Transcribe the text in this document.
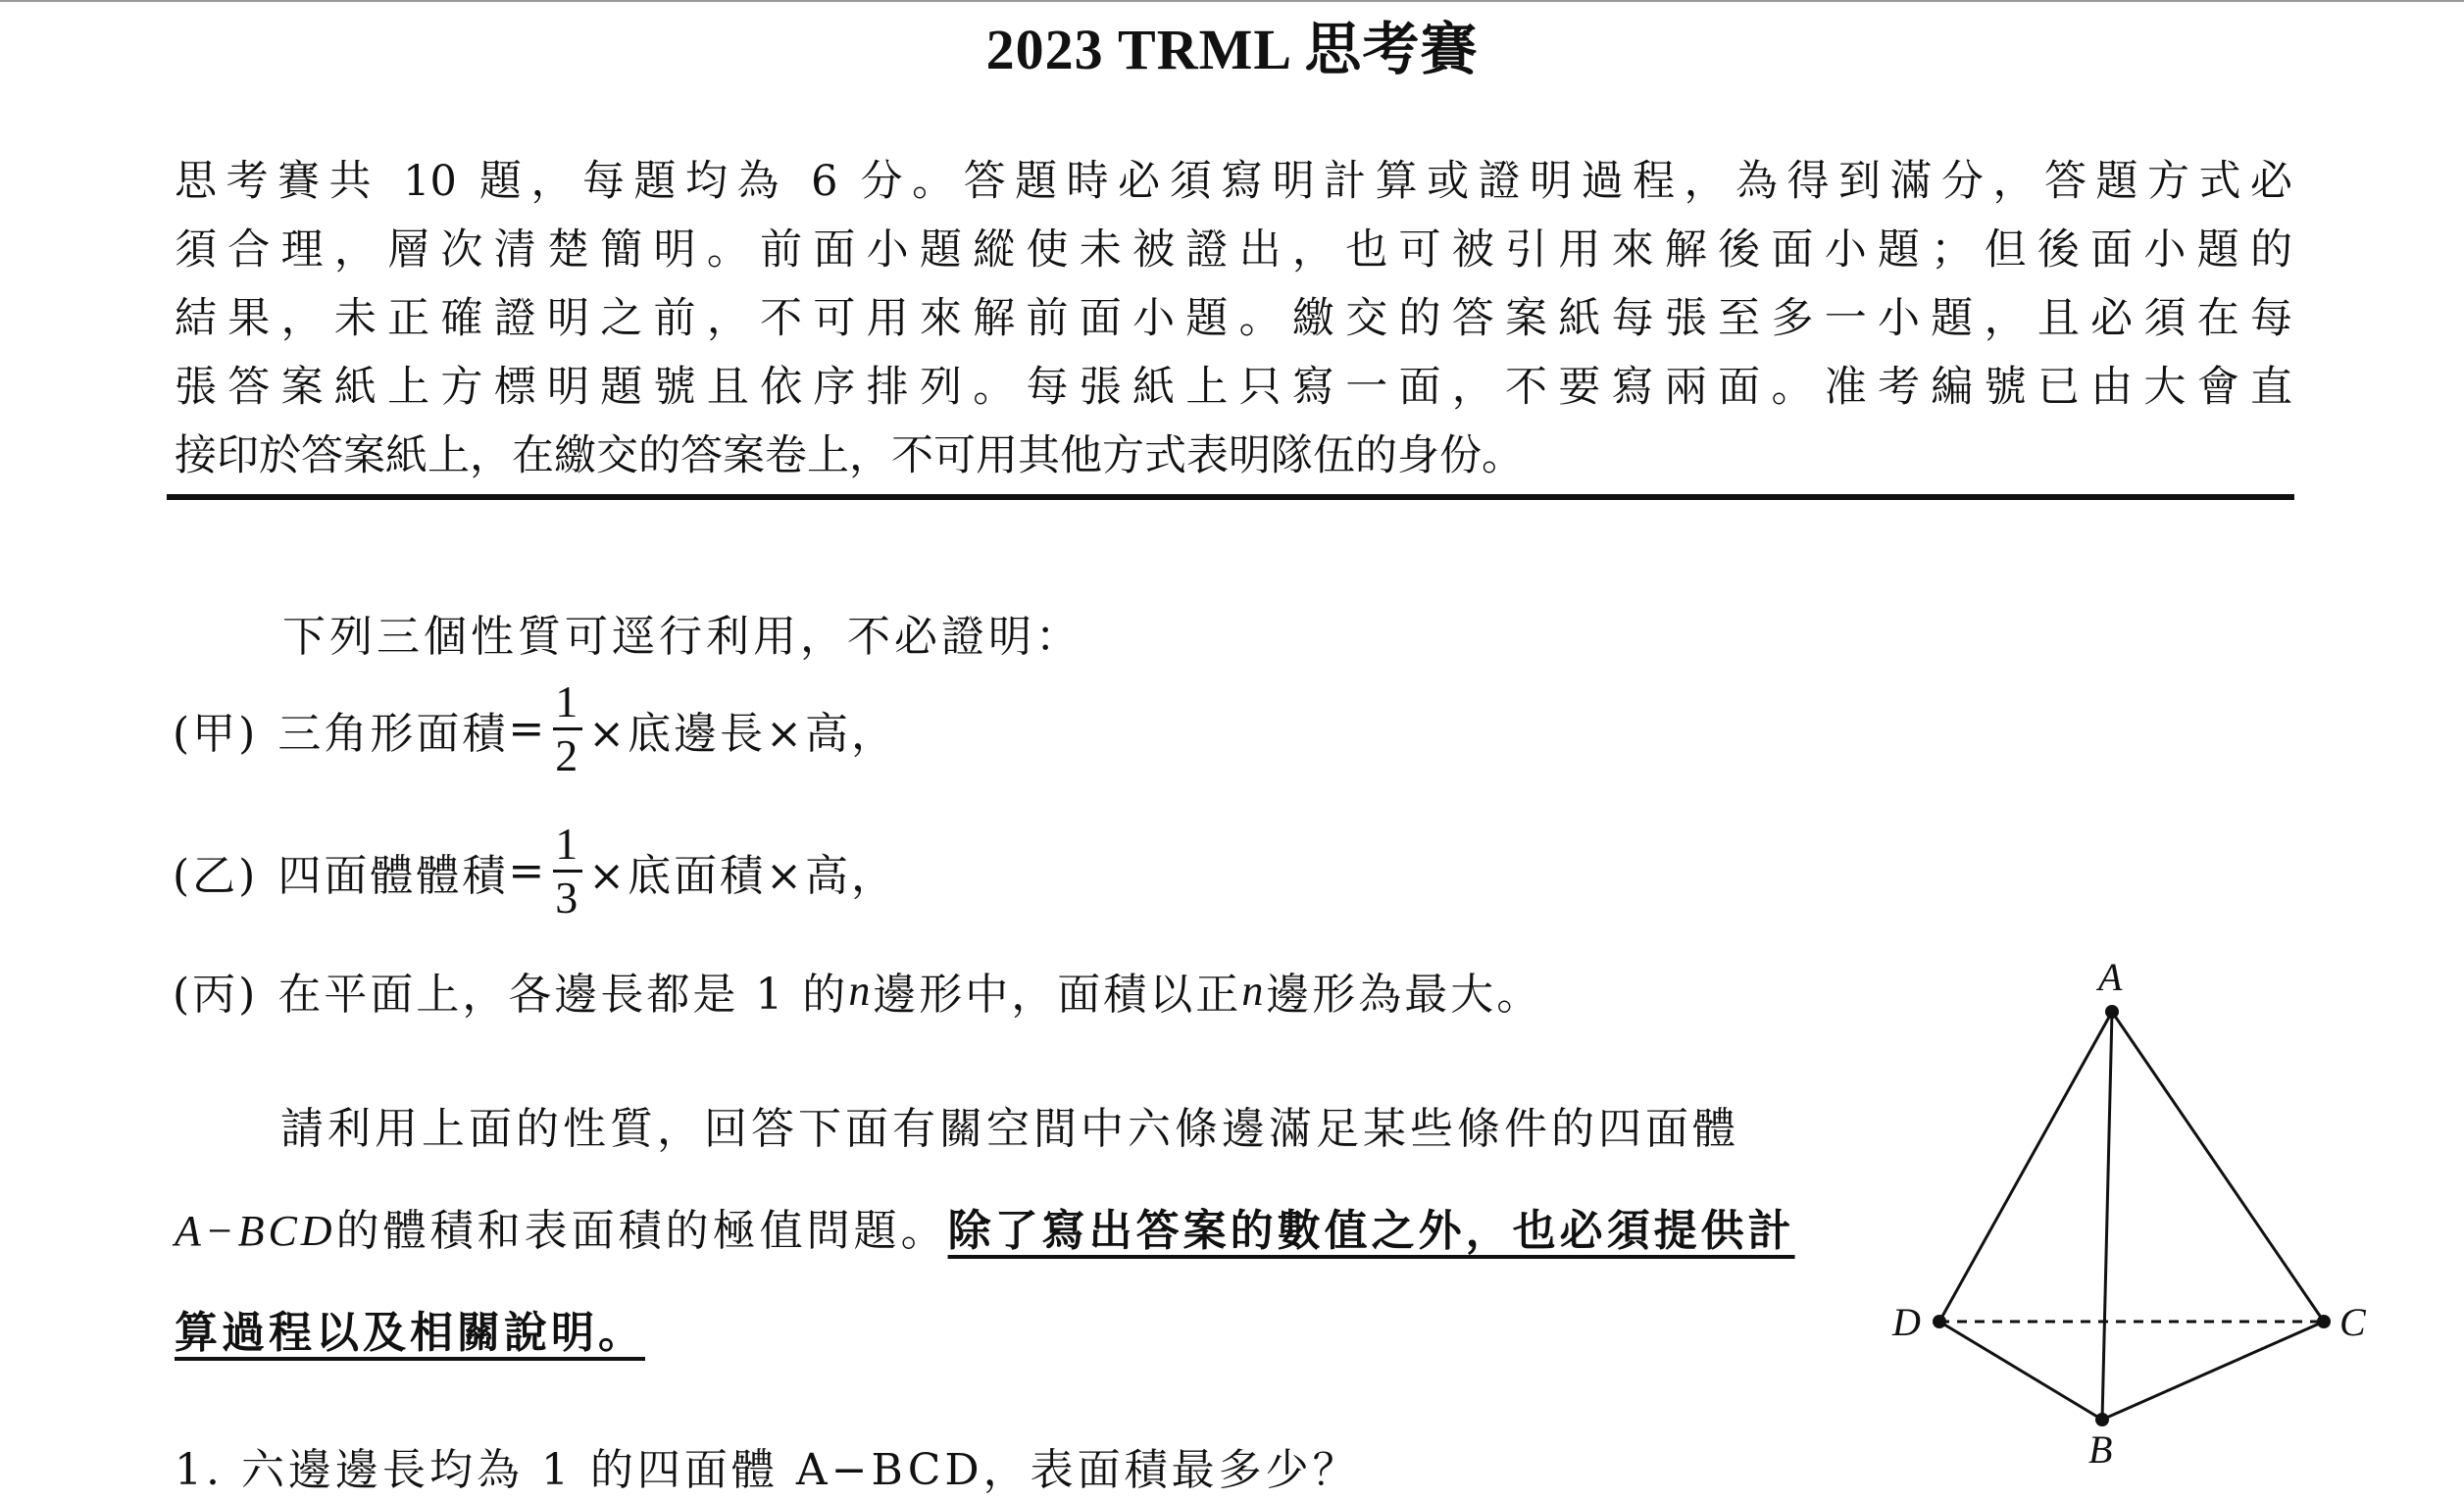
2023 TRML 思考賽
思考賽共 10 題，每題均為 6 分。答題時必須寫明計算或證明過程，為得到滿分，答題方式必
須合理，層次清楚簡明。前面小題縱使未被證出，也可被引用來解後面小題；但後面小題的
結果，未正確證明之前，不可用來解前面小題。繳交的答案紙每張至多一小題，且必須在每
張答案紙上方標明題號且依序排列。每張紙上只寫一面，不要寫兩面。准考編號已由大會直
接印於答案紙上，在繳交的答案卷上，不可用其他方式表明隊伍的身份。
下列三個性質可逕行利用，不必證明：
(甲) 三角形面積 = $\frac{1}{2}$ ×底邊長×高，
(乙) 四面體體積 = $\frac{1}{3}$ ×底面積×高，
(丙) 在平面上，各邊長都是 1 的 n 邊形中，面積以正 n 邊形為最大。
請利用上面的性質，回答下面有關空間中六條邊滿足某些條件的四面體 A−BCD的體積和表面積的極值問題。除了寫出答案的數值之外，也必須提供計算過程以及相關說明。
1. 六邊邊長均為 1 的四面體 A−BCD，表面積最多少？
A
D	C
B
